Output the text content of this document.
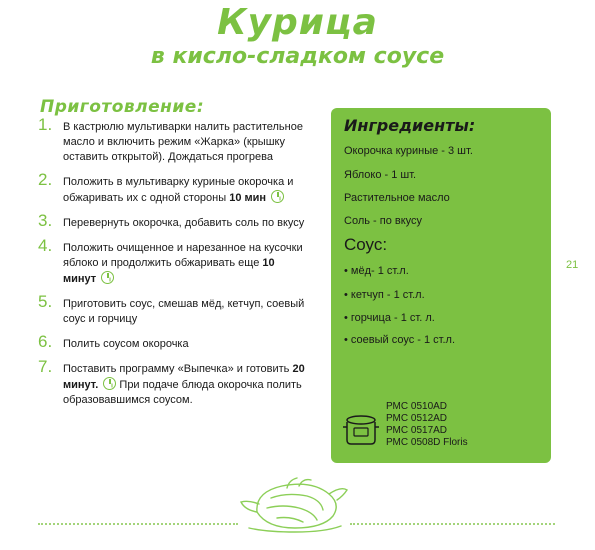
Курица
в кисло-сладком соусе
Приготовление:
1. В кастрюлю мультиварки налить растительное масло и включить режим «Жарка» (крышку оставить открытой). Дождаться прогрева
2. Положить в мультиварку куриные окорочка и обжаривать их с одной стороны 10 мин
3. Перевернуть окорочка, добавить соль по вкусу
4. Положить очищенное и нарезанное на кусочки яблоко и продолжить обжаривать еще 10 минут
5. Приготовить соус, смешав мёд, кетчуп, соевый соус и горчицу
6. Полить соусом окорочка
7. Поставить программу «Выпечка» и готовить 20 минут. При подаче блюда окорочка полить образовавшимся соусом.
Ингредиенты:
Окорочка куриные - 3 шт.
Яблоко - 1 шт.
Растительное масло
Соль - по вкусу
Соус:
• мёд- 1 ст.л.
• кетчуп - 1 ст.л.
• горчица - 1 ст. л.
• соевый соус - 1 ст.л.
РМС 0510AD
РМС 0512AD
РМС 0517AD
РМС 0508D Floris
21
